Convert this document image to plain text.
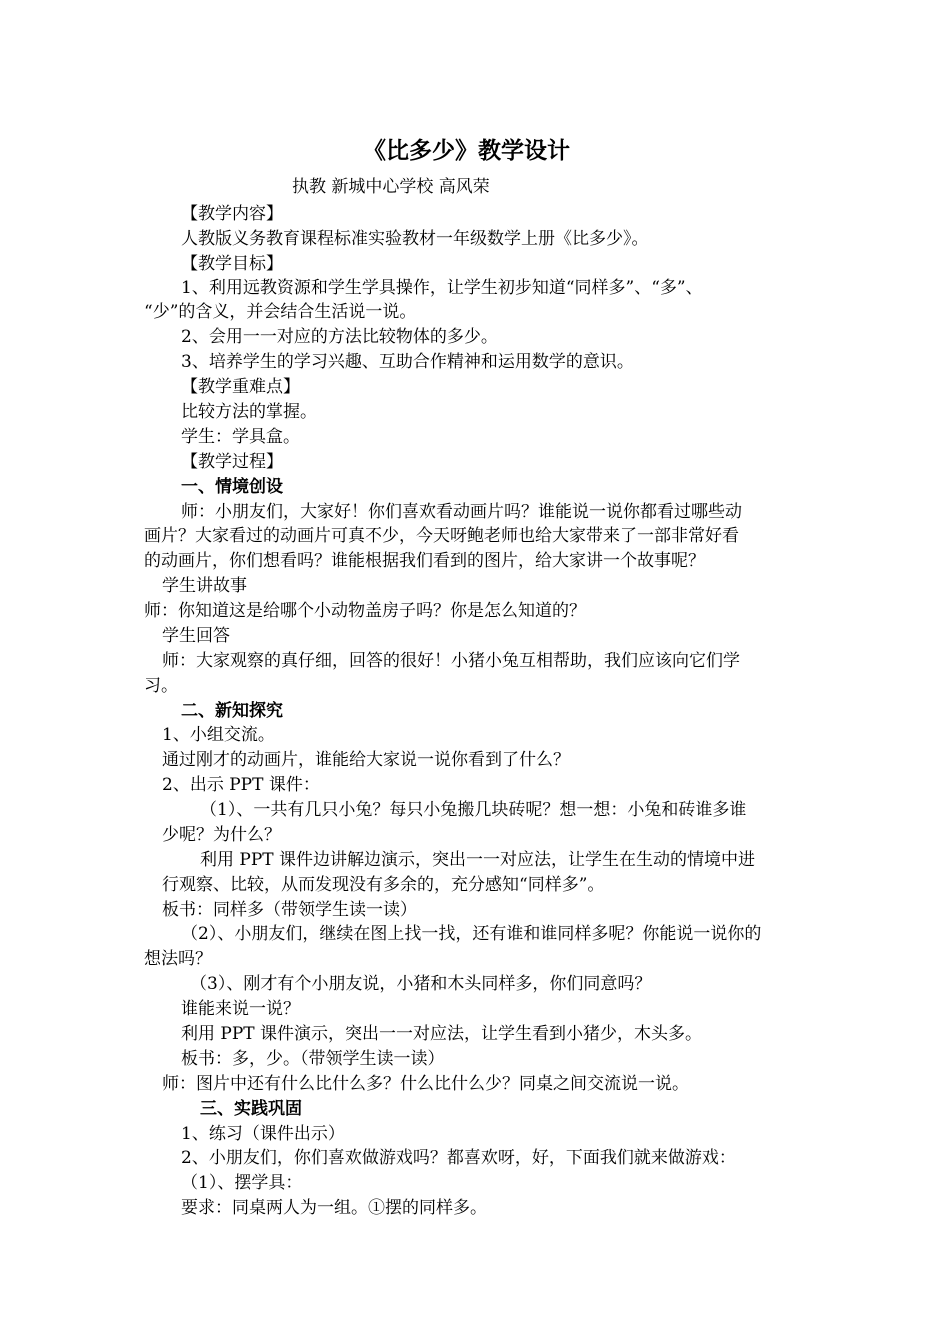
《比多少》教学设计
执教 新城中心学校 高风荣
【教学内容】
人教版义务教育课程标准实验教材一年级数学上册《比多少》。
【教学目标】
1、利用远教资源和学生学具操作，让学生初步知道“同样多”、“多”、
“少”的含义，并会结合生活说一说。
2、会用一一对应的方法比较物体的多少。
3、培养学生的学习兴趣、互助合作精神和运用数学的意识。
【教学重难点】
比较方法的掌握。
学生：学具盒。
【教学过程】
一、情境创设
师：小朋友们，大家好！你们喜欢看动画片吗？谁能说一说你都看过哪些动
画片？大家看过的动画片可真不少，今天呀鲍老师也给大家带来了一部非常好看
的动画片，你们想看吗？谁能根据我们看到的图片，给大家讲一个故事呢？
学生讲故事
师：你知道这是给哪个小动物盖房子吗？你是怎么知道的？
学生回答
师：大家观察的真仔细，回答的很好！小猪小兔互相帮助，我们应该向它们学
习。
二、新知探究
1、小组交流。
通过刚才的动画片，谁能给大家说一说你看到了什么？
2、出示 PPT 课件：
（1）、一共有几只小兔？每只小兔搬几块砖呢？想一想：小兔和砖谁多谁
少呢？为什么？
利用 PPT 课件边讲解边演示，突出一一对应法，让学生在生动的情境中进
行观察、比较，从而发现没有多余的，充分感知“同样多”。
板书：同样多（带领学生读一读）
（2）、小朋友们，继续在图上找一找，还有谁和谁同样多呢？你能说一说你的
想法吗？
（3）、刚才有个小朋友说，小猪和木头同样多，你们同意吗？
谁能来说一说？
利用 PPT 课件演示，突出一一对应法，让学生看到小猪少，木头多。
板书：多，少。（带领学生读一读）
师：图片中还有什么比什么多？什么比什么少？同桌之间交流说一说。
三、实践巩固
1、练习（课件出示）
2、小朋友们，你们喜欢做游戏吗？都喜欢呀，好，下面我们就来做游戏：
（1）、摆学具：
要求：同桌两人为一组。①摆的同样多。
